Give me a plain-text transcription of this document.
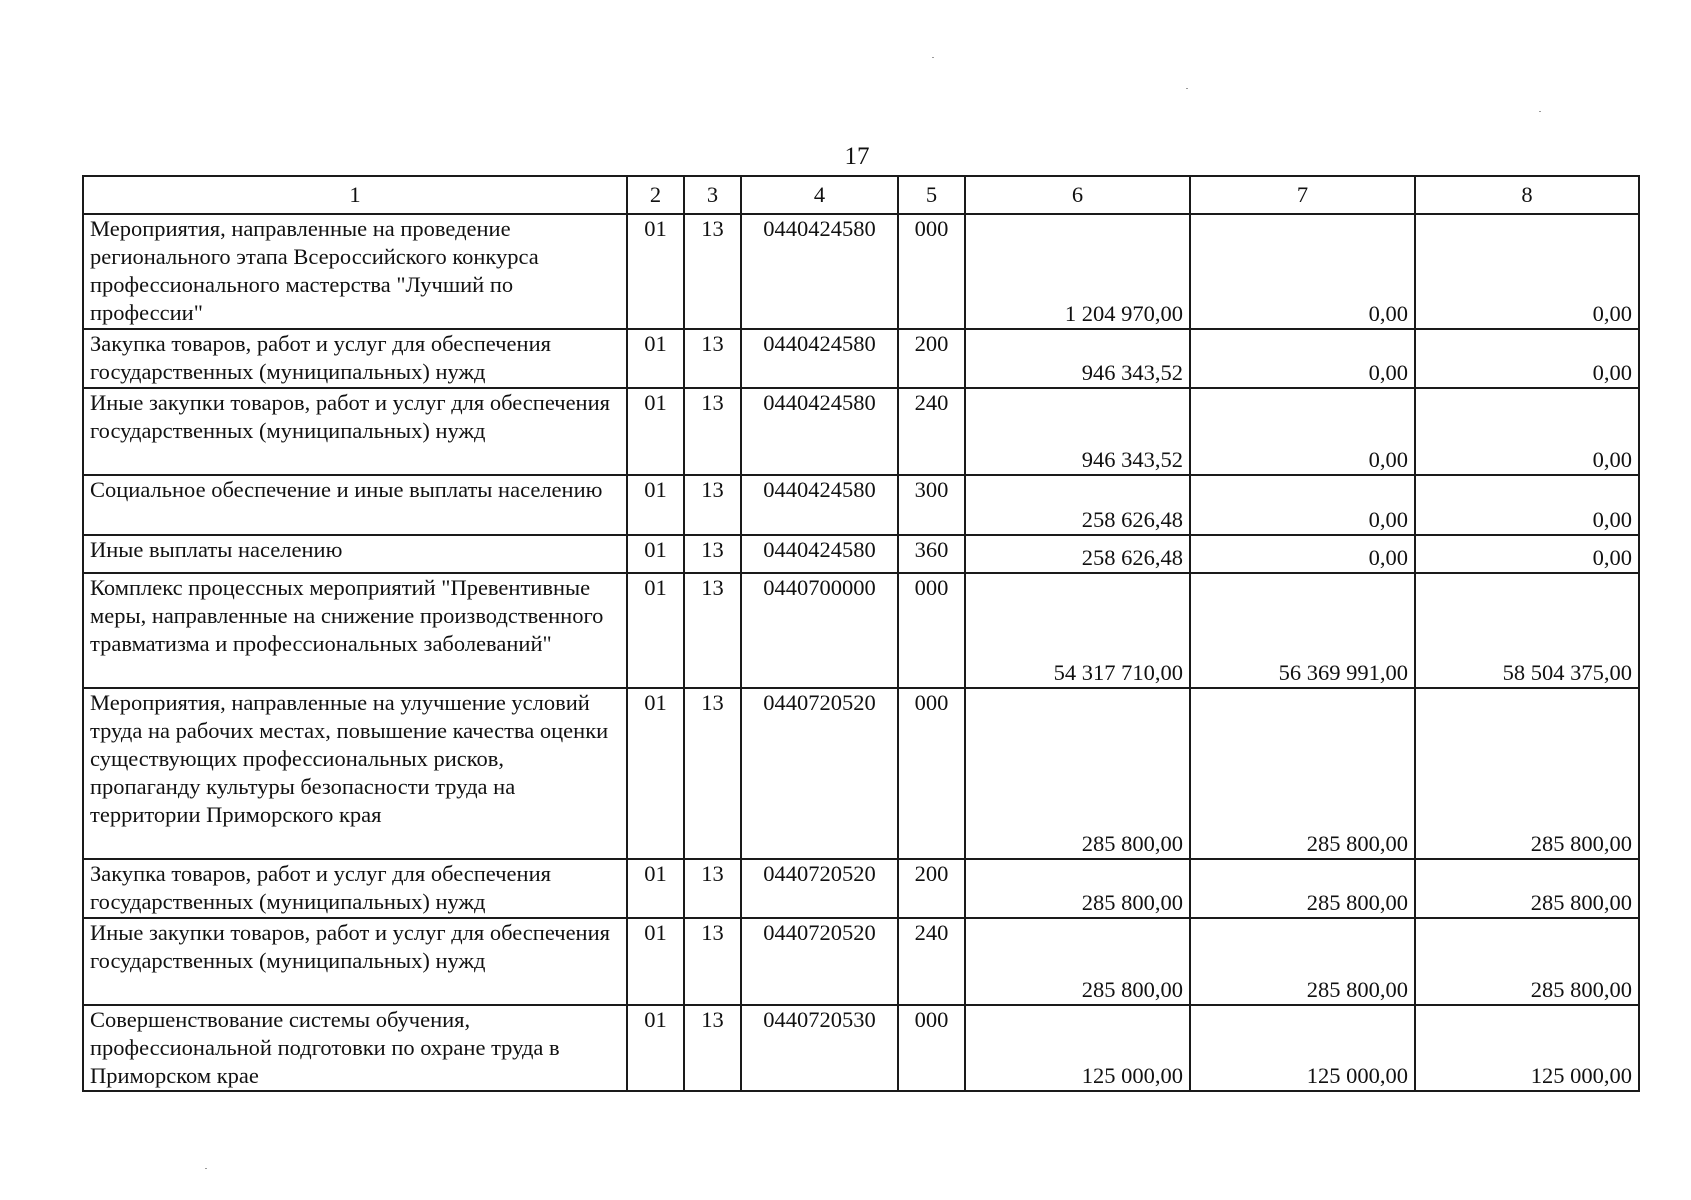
17
1	2	3	4	5	6	7	8
Мероприятия, направленные на проведение регионального этапа Всероссийского конкурса профессионального мастерства "Лучший по профессии"	01	13	0440424580	000	1 204 970,00	0,00	0,00
Закупка товаров, работ и услуг для обеспечения государственных (муниципальных) нужд	01	13	0440424580	200	946 343,52	0,00	0,00
Иные закупки товаров, работ и услуг для обеспечения государственных (муниципальных) нужд	01	13	0440424580	240	946 343,52	0,00	0,00
Социальное обеспечение и иные выплаты населению	01	13	0440424580	300	258 626,48	0,00	0,00
Иные выплаты населению	01	13	0440424580	360	258 626,48	0,00	0,00
Комплекс процессных мероприятий "Превентивные меры, направленные на снижение производственного травматизма и профессиональных заболеваний"	01	13	0440700000	000	54 317 710,00	56 369 991,00	58 504 375,00
Мероприятия, направленные на улучшение условий труда на рабочих местах, повышение качества оценки существующих профессиональных рисков, пропаганду культуры безопасности труда на территории Приморского края	01	13	0440720520	000	285 800,00	285 800,00	285 800,00
Закупка товаров, работ и услуг для обеспечения государственных (муниципальных) нужд	01	13	0440720520	200	285 800,00	285 800,00	285 800,00
Иные закупки товаров, работ и услуг для обеспечения государственных (муниципальных) нужд	01	13	0440720520	240	285 800,00	285 800,00	285 800,00
Совершенствование системы обучения, профессиональной подготовки по охране труда в Приморском крае	01	13	0440720530	000	125 000,00	125 000,00	125 000,00
